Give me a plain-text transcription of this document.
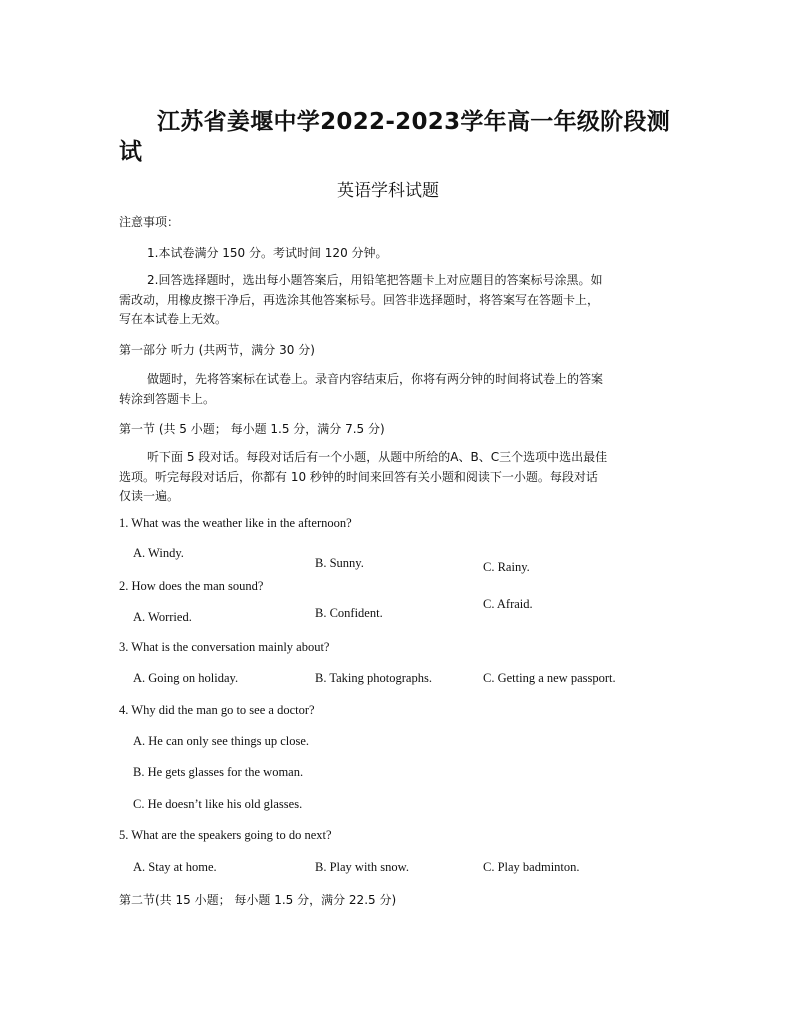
江苏省姜堰中学2022-2023学年高一年级阶段测
试
英语学科试题
注意事项：
1.本试卷满分 150 分。考试时间 120 分钟。
2.回答选择题时，选出每小题答案后，用铅笔把答题卡上对应题目的答案标号涂黑。如
需改动，用橡皮擦干净后，再选涂其他答案标号。回答非选择题时，将答案写在答题卡上，
写在本试卷上无效。
第一部分 听力 (共两节，满分 30 分)
做题时，先将答案标在试卷上。录音内容结束后，你将有两分钟的时间将试卷上的答案
转涂到答题卡上。
第一节 (共 5 小题； 每小题 1.5 分，满分 7.5 分)
听下面 5 段对话。每段对话后有一个小题，从题中所给的A、B、C三个选项中选出最佳
选项。听完每段对话后，你都有 10 秒钟的时间来回答有关小题和阅读下一小题。每段对话
仅读一遍。
1. What was the weather like in the afternoon?
A. Windy.
B. Sunny.	C. Rainy.
2. How does the man sound?
A. Worried.	B. Confident.
C. Afraid.
3. What is the conversation mainly about?
A. Going on holiday.	B. Taking photographs.	C. Getting a new passport.
4. Why did the man go to see a doctor?
A. He can only see things up close.
B. He gets glasses for the woman.
C. He doesn’t like his old glasses.
5. What are the speakers going to do next?
A. Stay at home.	B. Play with snow.	C. Play badminton.
第二节(共 15 小题； 每小题 1.5 分，满分 22.5 分)
